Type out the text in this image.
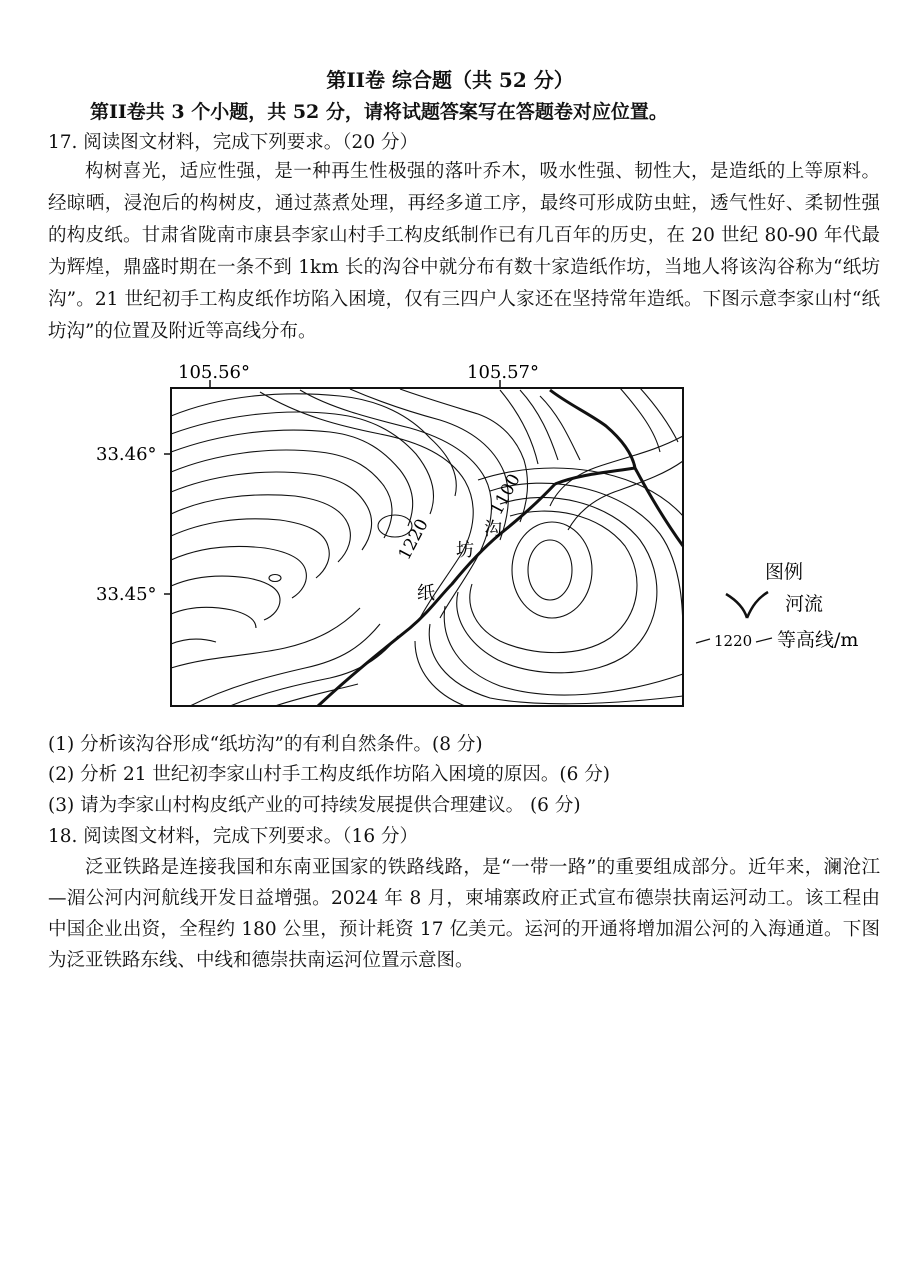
第II卷 综合题（共 52 分）

第II卷共 3 个小题，共 52 分，请将试题答案写在答题卷对应位置。

17. 阅读图文材料，完成下列要求。（20 分）

构树喜光，适应性强，是一种再生性极强的落叶乔木，吸水性强、韧性大，是造纸的上等原料。经晾晒，浸泡后的构树皮，通过蒸煮处理，再经多道工序，最终可形成防虫蛀，透气性好、柔韧性强的构皮纸。甘肃省陇南市康县李家山村手工构皮纸制作已有几百年的历史，在 20 世纪 80-90 年代最为辉煌，鼎盛时期在一条不到 1km 长的沟谷中就分布有数十家造纸作坊，当地人将该沟谷称为“纸坊沟”。21 世纪初手工构皮纸作坊陷入困境，仅有三四户人家还在坚持常年造纸。下图示意李家山村“纸坊沟”的位置及附近等高线分布。

105.56°	105.57°
33.46°
33.45°
1220
1100
沟
坊
纸
图例
河流
1220 等高线/m

(1) 分析该沟谷形成“纸坊沟”的有利自然条件。(8 分)

(2) 分析 21 世纪初李家山村手工构皮纸作坊陷入困境的原因。(6 分)

(3) 请为李家山村构皮纸产业的可持续发展提供合理建议。 (6 分)

18. 阅读图文材料，完成下列要求。（16 分）

泛亚铁路是连接我国和东南亚国家的铁路线路，是“一带一路”的重要组成部分。近年来，澜沧江—湄公河内河航线开发日益增强。2024 年 8 月，柬埔寨政府正式宣布德崇扶南运河动工。该工程由中国企业出资，全程约 180 公里，预计耗资 17 亿美元。运河的开通将增加湄公河的入海通道。下图为泛亚铁路东线、中线和德崇扶南运河位置示意图。
